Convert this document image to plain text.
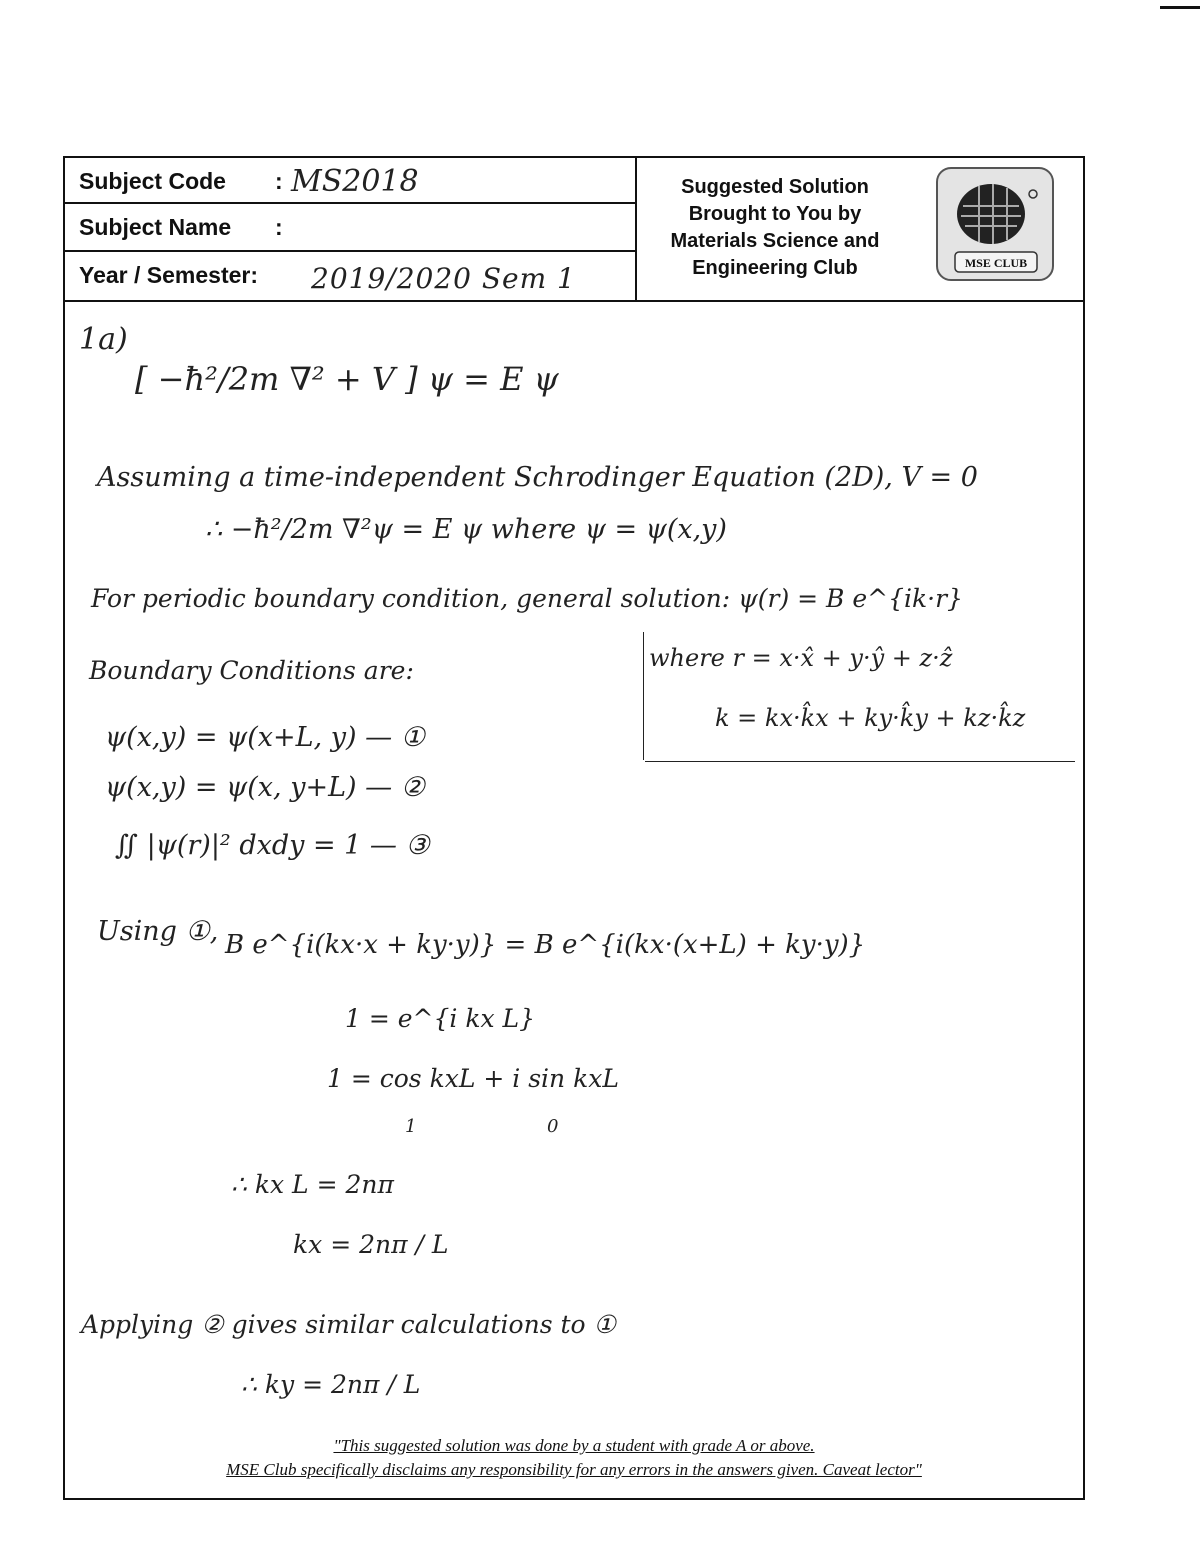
Subject Code : MS2018
Subject Name :
Year / Semester: 2019/2020 Sem 1
Suggested Solution
Brought to You by
Materials Science and
Engineering Club	MSE CLUB
1a)
[ −ħ²/2m ∇² + V ] ψ = E ψ
Assuming a time-independent Schrodinger Equation (2D), V = 0
∴ −ħ²/2m ∇²ψ = E ψ where ψ = ψ(x,y)
For periodic boundary condition, general solution: ψ(r) = B e^{ik·r}
Boundary Conditions are:	where r = x·x̂ + y·ŷ + z·ẑ
k = kx·k̂x + ky·k̂y + kz·k̂z
ψ(x,y) = ψ(x+L, y) — ①
ψ(x,y) = ψ(x, y+L) — ②
∬ |ψ(r)|² dxdy = 1 — ③
Using ①, B e^{i(kx·x + ky·y)} = B e^{i(kx·(x+L) + ky·y)}
1 = e^{i kx L}
1 = cos kxL + i sin kxL
1	0
∴ kx L = 2nπ
kx = 2nπ / L
Applying ② gives similar calculations to ①
∴ ky = 2nπ / L
"This suggested solution was done by a student with grade A or above.
MSE Club specifically disclaims any responsibility for any errors in the answers given. Caveat lector"
